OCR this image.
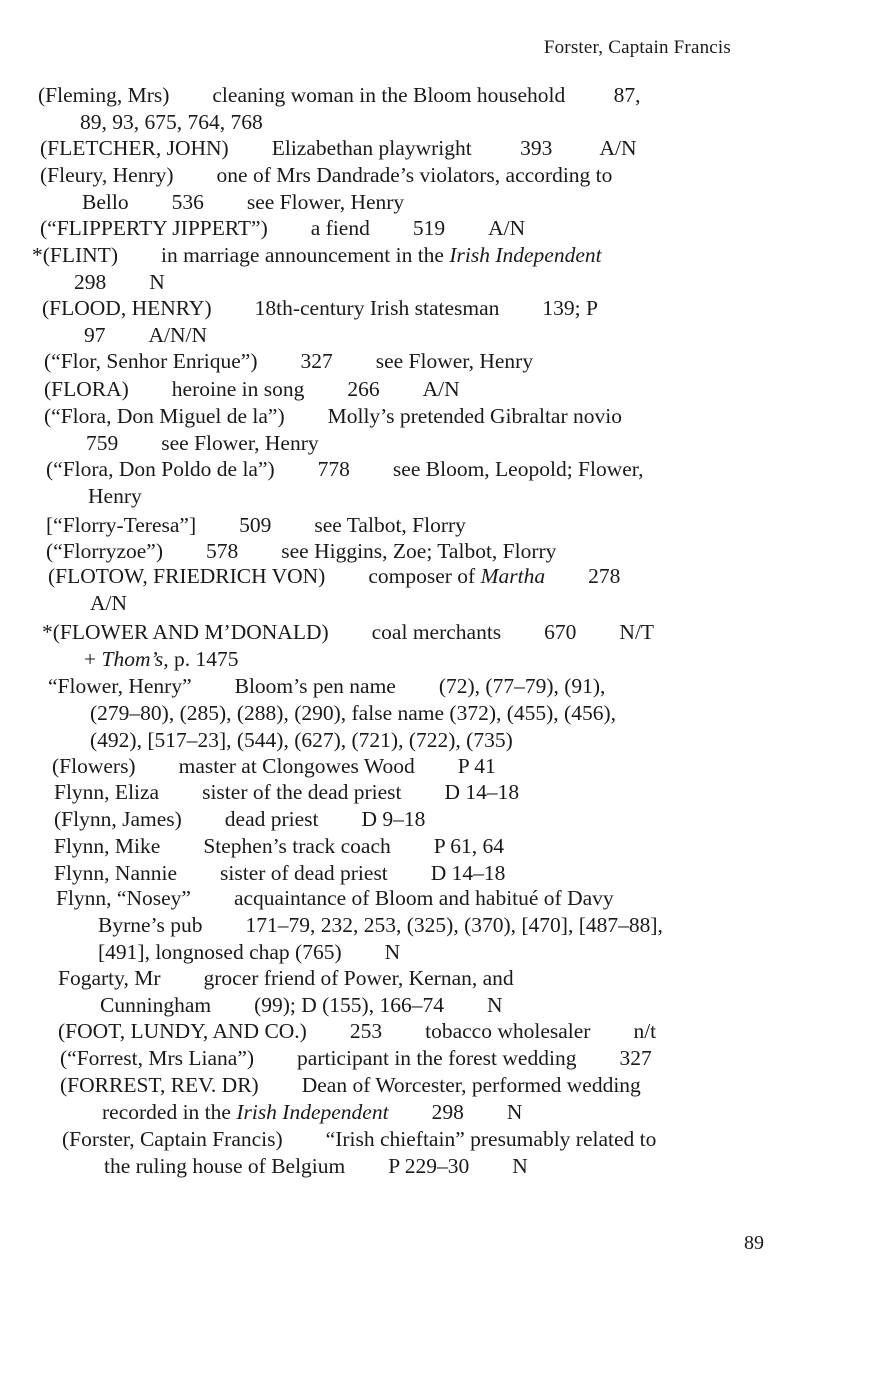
Forster, Captain Francis
(Fleming, Mrs)  cleaning woman in the Bloom household   87,
89, 93, 675, 764, 768
(FLETCHER, JOHN)  Elizabethan playwright   393   A/N
(Fleury, Henry)  one of Mrs Dandrade’s violators, according to
Bello  536  see Flower, Henry
(“FLIPPERTY JIPPERT”)  a fiend  519  A/N
*(FLINT)  in marriage announcement in the Irish Independent
298  N
(FLOOD, HENRY)  18th-century Irish statesman  139; P
97  A/N/N
(“Flor, Senhor Enrique”)  327  see Flower, Henry
(FLORA)  heroine in song  266  A/N
(“Flora, Don Miguel de la”)  Molly’s pretended Gibraltar novio
759  see Flower, Henry
(“Flora, Don Poldo de la”)  778  see Bloom, Leopold; Flower,
Henry
[“Florry-Teresa”]  509  see Talbot, Florry
(“Florryzoe”)  578  see Higgins, Zoe; Talbot, Florry
(FLOTOW, FRIEDRICH VON)  composer of Martha  278
A/N
*(FLOWER AND M’DONALD)  coal merchants  670  N/T
+ Thom’s, p. 1475
“Flower, Henry”  Bloom’s pen name  (72), (77–79), (91),
(279–80), (285), (288), (290), false name (372), (455), (456),
(492), [517–23], (544), (627), (721), (722), (735)
(Flowers)  master at Clongowes Wood  P 41
Flynn, Eliza  sister of the dead priest  D 14–18
(Flynn, James)  dead priest  D 9–18
Flynn, Mike  Stephen’s track coach  P 61, 64
Flynn, Nannie  sister of dead priest  D 14–18
Flynn, “Nosey”  acquaintance of Bloom and habitué of Davy
Byrne’s pub  171–79, 232, 253, (325), (370), [470], [487–88],
[491], longnosed chap (765)  N
Fogarty, Mr  grocer friend of Power, Kernan, and
Cunningham  (99); D (155), 166–74  N
(FOOT, LUNDY, AND CO.)  253  tobacco wholesaler  n/t
(“Forrest, Mrs Liana”)  participant in the forest wedding  327
(FORREST, REV. DR)  Dean of Worcester, performed wedding
recorded in the Irish Independent  298  N
(Forster, Captain Francis)  “Irish chieftain” presumably related to
the ruling house of Belgium  P 229–30  N
89
